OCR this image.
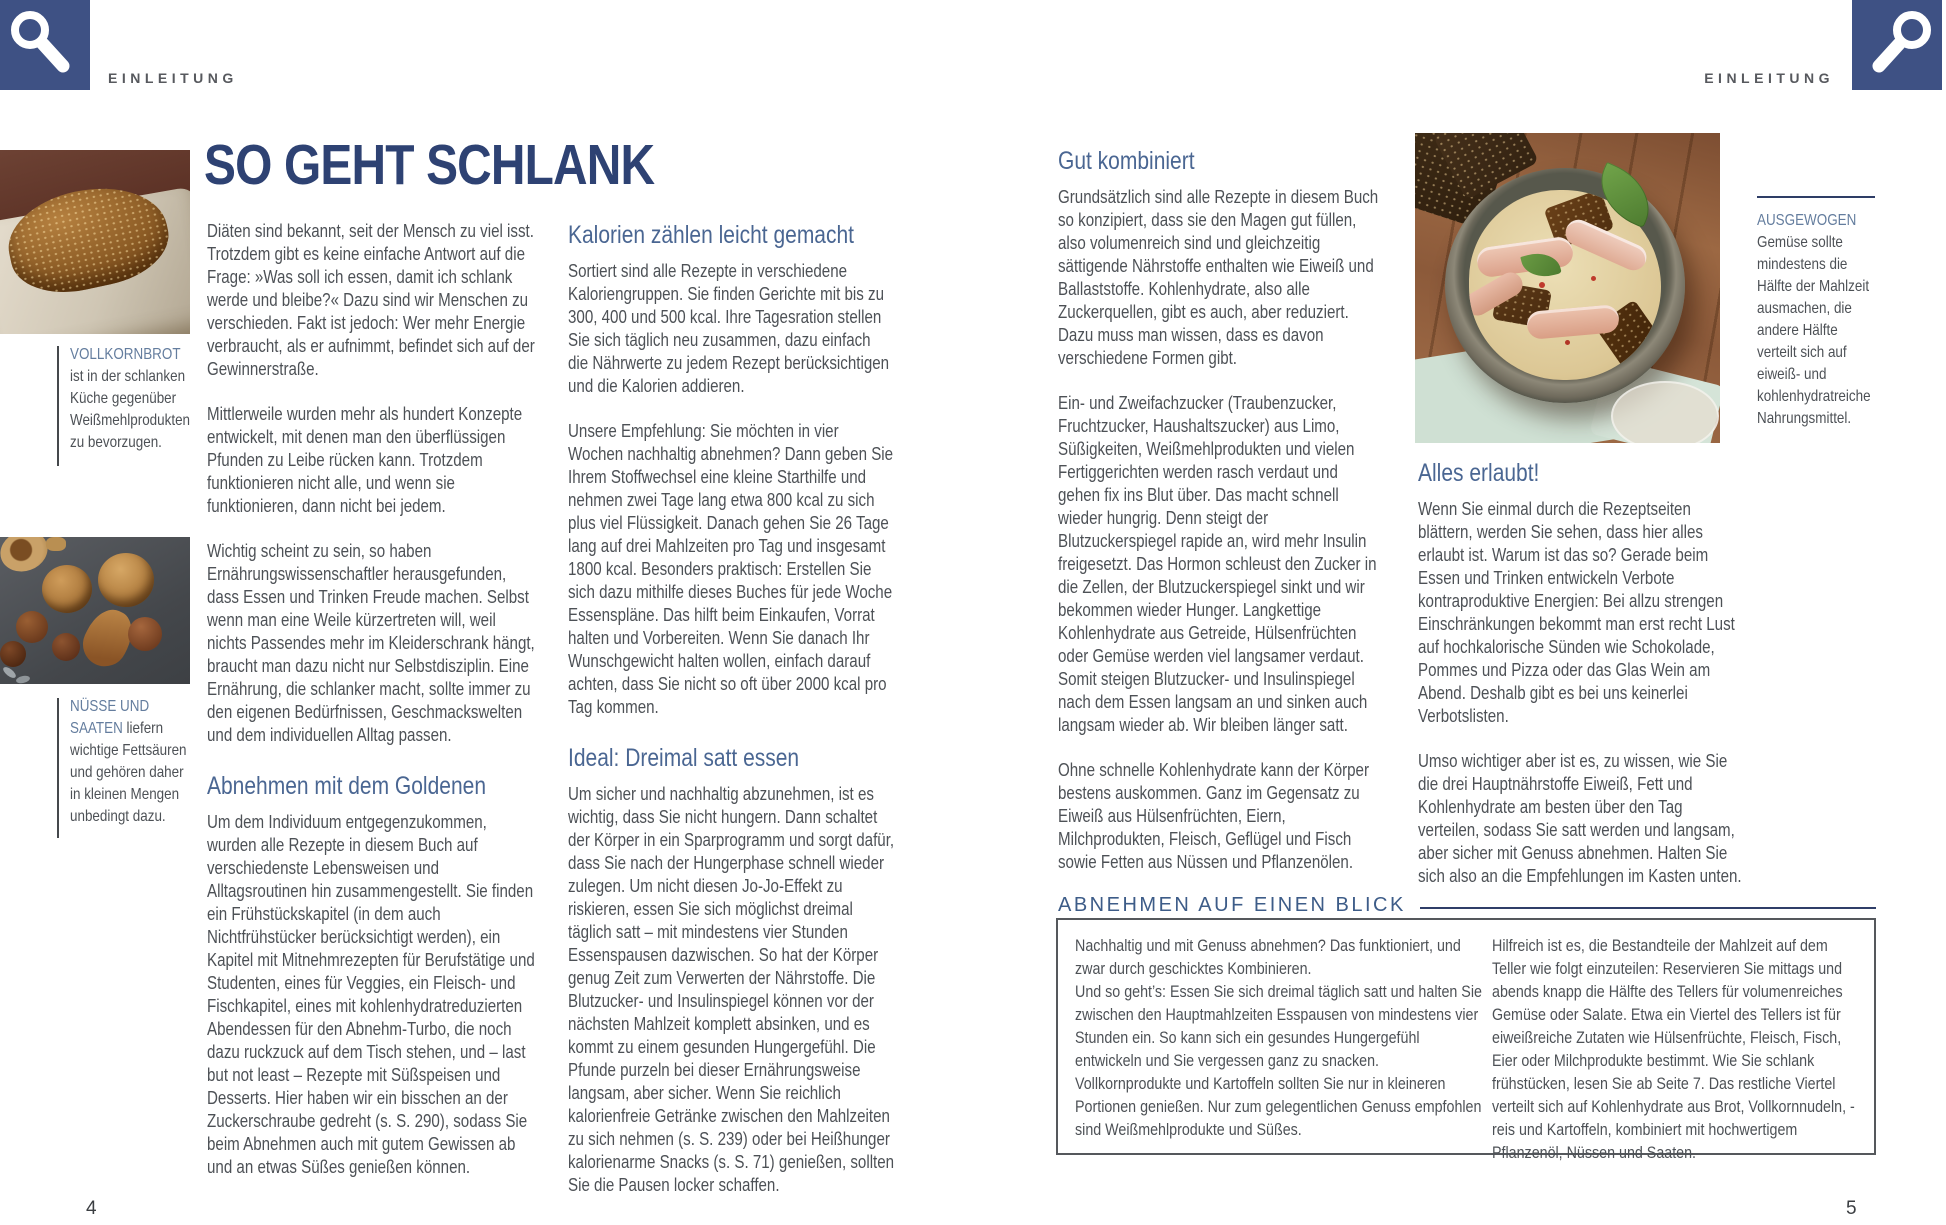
EINLEITUNG	EINLEITUNG
SO GEHT SCHLANK
VOLLKORNBROT ist in der schlanken Küche gegenüber Weißmehlprodukten zu bevorzugen.
NÜSSE UND SAATEN liefern wichtige Fettsäuren und gehören daher in kleinen Mengen unbedingt dazu.

Diäten sind bekannt, seit der Mensch zu viel isst. Trotzdem gibt es keine einfache Antwort auf die Frage: »Was soll ich essen, damit ich schlank werde und bleibe?« Dazu sind wir Menschen zu verschieden. Fakt ist jedoch: Wer mehr Energie verbraucht, als er aufnimmt, befindet sich auf der Gewinnerstraße.

Mittlerweile wurden mehr als hundert Konzepte entwickelt, mit denen man den überflüssigen Pfunden zu Leibe rücken kann. Trotzdem funktionieren nicht alle, und wenn sie funktionieren, dann nicht bei jedem.

Wichtig scheint zu sein, so haben Ernährungswissenschaftler herausgefunden, dass Essen und Trinken Freude machen. Selbst wenn man eine Weile kürzertreten will, weil nichts Passendes mehr im Kleiderschrank hängt, braucht man dazu nicht nur Selbstdisziplin. Eine Ernährung, die schlanker macht, sollte immer zu den eigenen Bedürfnissen, Geschmackswelten und dem individuellen Alltag passen.

Abnehmen mit dem Goldenen

Um dem Individuum entgegenzukommen, wurden alle Rezepte in diesem Buch auf verschiedenste Lebensweisen und Alltagsroutinen hin zusammengestellt. Sie finden ein Frühstückskapitel (in dem auch Nichtfrühstücker berücksichtigt werden), ein Kapitel mit Mitnehmrezepten für Berufstätige und Studenten, eines für Veggies, ein Fleisch- und Fischkapitel, eines mit kohlenhydratreduzierten Abendessen für den Abnehm-Turbo, die noch dazu ruckzuck auf dem Tisch stehen, und – last but not least – Rezepte mit Süßspeisen und Desserts. Hier haben wir ein bisschen an der Zuckerschraube gedreht (s. S. 290), sodass Sie beim Abnehmen auch mit gutem Gewissen ab und an etwas Süßes genießen können.

Kalorien zählen leicht gemacht

Sortiert sind alle Rezepte in verschiedene Kaloriengruppen. Sie finden Gerichte mit bis zu 300, 400 und 500 kcal. Ihre Tagesration stellen Sie sich täglich neu zusammen, dazu einfach die Nährwerte zu jedem Rezept berücksichtigen und die Kalorien addieren.

Unsere Empfehlung: Sie möchten in vier Wochen nachhaltig abnehmen? Dann geben Sie Ihrem Stoffwechsel eine kleine Starthilfe und nehmen zwei Tage lang etwa 800 kcal zu sich plus viel Flüssigkeit. Danach gehen Sie 26 Tage lang auf drei Mahlzeiten pro Tag und insgesamt 1800 kcal. Besonders praktisch: Erstellen Sie sich dazu mithilfe dieses Buches für jede Woche Essenspläne. Das hilft beim Einkaufen, Vorrat halten und Vorbereiten. Wenn Sie danach Ihr Wunschgewicht halten wollen, einfach darauf achten, dass Sie nicht so oft über 2000 kcal pro Tag kommen.

Ideal: Dreimal satt essen

Um sicher und nachhaltig abzunehmen, ist es wichtig, dass Sie nicht hungern. Dann schaltet der Körper in ein Sparprogramm und sorgt dafür, dass Sie nach der Hungerphase schnell wieder zulegen. Um nicht diesen Jo-Jo-Effekt zu riskieren, essen Sie sich möglichst dreimal täglich satt – mit mindestens vier Stunden Essenspausen dazwischen. So hat der Körper genug Zeit zum Verwerten der Nährstoffe. Die Blutzucker- und Insulinspiegel können vor der nächsten Mahlzeit komplett absinken, und es kommt zu einem gesunden Hungergefühl. Die Pfunde purzeln bei dieser Ernährungsweise langsam, aber sicher. Wenn Sie reichlich kalorienfreie Getränke zwischen den Mahlzeiten zu sich nehmen (s. S. 239) oder bei Heißhunger kalorienarme Snacks (s. S. 71) genießen, sollten Sie die Pausen locker schaffen.

Gut kombiniert

Grundsätzlich sind alle Rezepte in diesem Buch so konzipiert, dass sie den Magen gut füllen, also volumenreich sind und gleichzeitig sättigende Nährstoffe enthalten wie Eiweiß und Ballaststoffe. Kohlenhydrate, also alle Zuckerquellen, gibt es auch, aber reduziert. Dazu muss man wissen, dass es davon verschiedene Formen gibt.

Ein- und Zweifachzucker (Traubenzucker, Fruchtzucker, Haushaltszucker) aus Limo, Süßigkeiten, Weißmehlprodukten und vielen Fertiggerichten werden rasch verdaut und gehen fix ins Blut über. Das macht schnell wieder hungrig. Denn steigt der Blutzuckerspiegel rapide an, wird mehr Insulin freigesetzt. Das Hormon schleust den Zucker in die Zellen, der Blutzuckerspiegel sinkt und wir bekommen wieder Hunger. Langkettige Kohlenhydrate aus Getreide, Hülsenfrüchten oder Gemüse werden viel langsamer verdaut. Somit steigen Blutzucker- und Insulinspiegel nach dem Essen langsam an und sinken auch langsam wieder ab. Wir bleiben länger satt.

Ohne schnelle Kohlenhydrate kann der Körper bestens auskommen. Ganz im Gegensatz zu Eiweiß aus Hülsenfrüchten, Eiern, Milchprodukten, Fleisch, Geflügel und Fisch sowie Fetten aus Nüssen und Pflanzenölen.

AUSGEWOGEN
Gemüse sollte mindestens die Hälfte der Mahlzeit ausmachen, die andere Hälfte verteilt sich auf eiweiß- und kohlenhydratreiche Nahrungsmittel.
Alles erlaubt!

Wenn Sie einmal durch die Rezeptseiten blättern, werden Sie sehen, dass hier alles erlaubt ist. Warum ist das so? Gerade beim Essen und Trinken entwickeln Verbote kontraproduktive Energien: Bei allzu strengen Einschränkungen bekommt man erst recht Lust auf hochkalorische Sünden wie Schokolade, Pommes und Pizza oder das Glas Wein am Abend. Deshalb gibt es bei uns keinerlei Verbotslisten.

Umso wichtiger aber ist es, zu wissen, wie Sie die drei Hauptnährstoffe Eiweiß, Fett und Kohlenhydrate am besten über den Tag verteilen, sodass Sie satt werden und langsam, aber sicher mit Genuss abnehmen. Halten Sie sich also an die Empfehlungen im Kasten unten.

ABNEHMEN AUF EINEN BLICK

Nachhaltig und mit Genuss abnehmen? Das funktioniert, und zwar durch geschicktes Kombinieren.

Und so geht’s: Essen Sie sich dreimal täglich satt und halten Sie zwischen den Hauptmahlzeiten Esspausen von mindestens vier Stunden ein. So kann sich ein gesundes Hungergefühl entwickeln und Sie vergessen ganz zu snacken.

Vollkornprodukte und Kartoffeln sollten Sie nur in kleineren Portionen genießen. Nur zum gelegentlichen Genuss empfohlen sind Weißmehlprodukte und Süßes.

Hilfreich ist es, die Bestandteile der Mahlzeit auf dem Teller wie folgt einzuteilen: Reservieren Sie mittags und abends knapp die Hälfte des Tellers für volumenreiches Gemüse oder Salate. Etwa ein Viertel des Tellers ist für eiweißreiche Zutaten wie Hülsenfrüchte, Fleisch, Fisch, Eier oder Milchprodukte bestimmt. Wie Sie schlank frühstücken, lesen Sie ab Seite 7. Das restliche Viertel verteilt sich auf Kohlenhydrate aus Brot, Vollkornnudeln, -reis und Kartoffeln, kombiniert mit hochwertigem Pflanzenöl, Nüssen und Saaten.

4	5
